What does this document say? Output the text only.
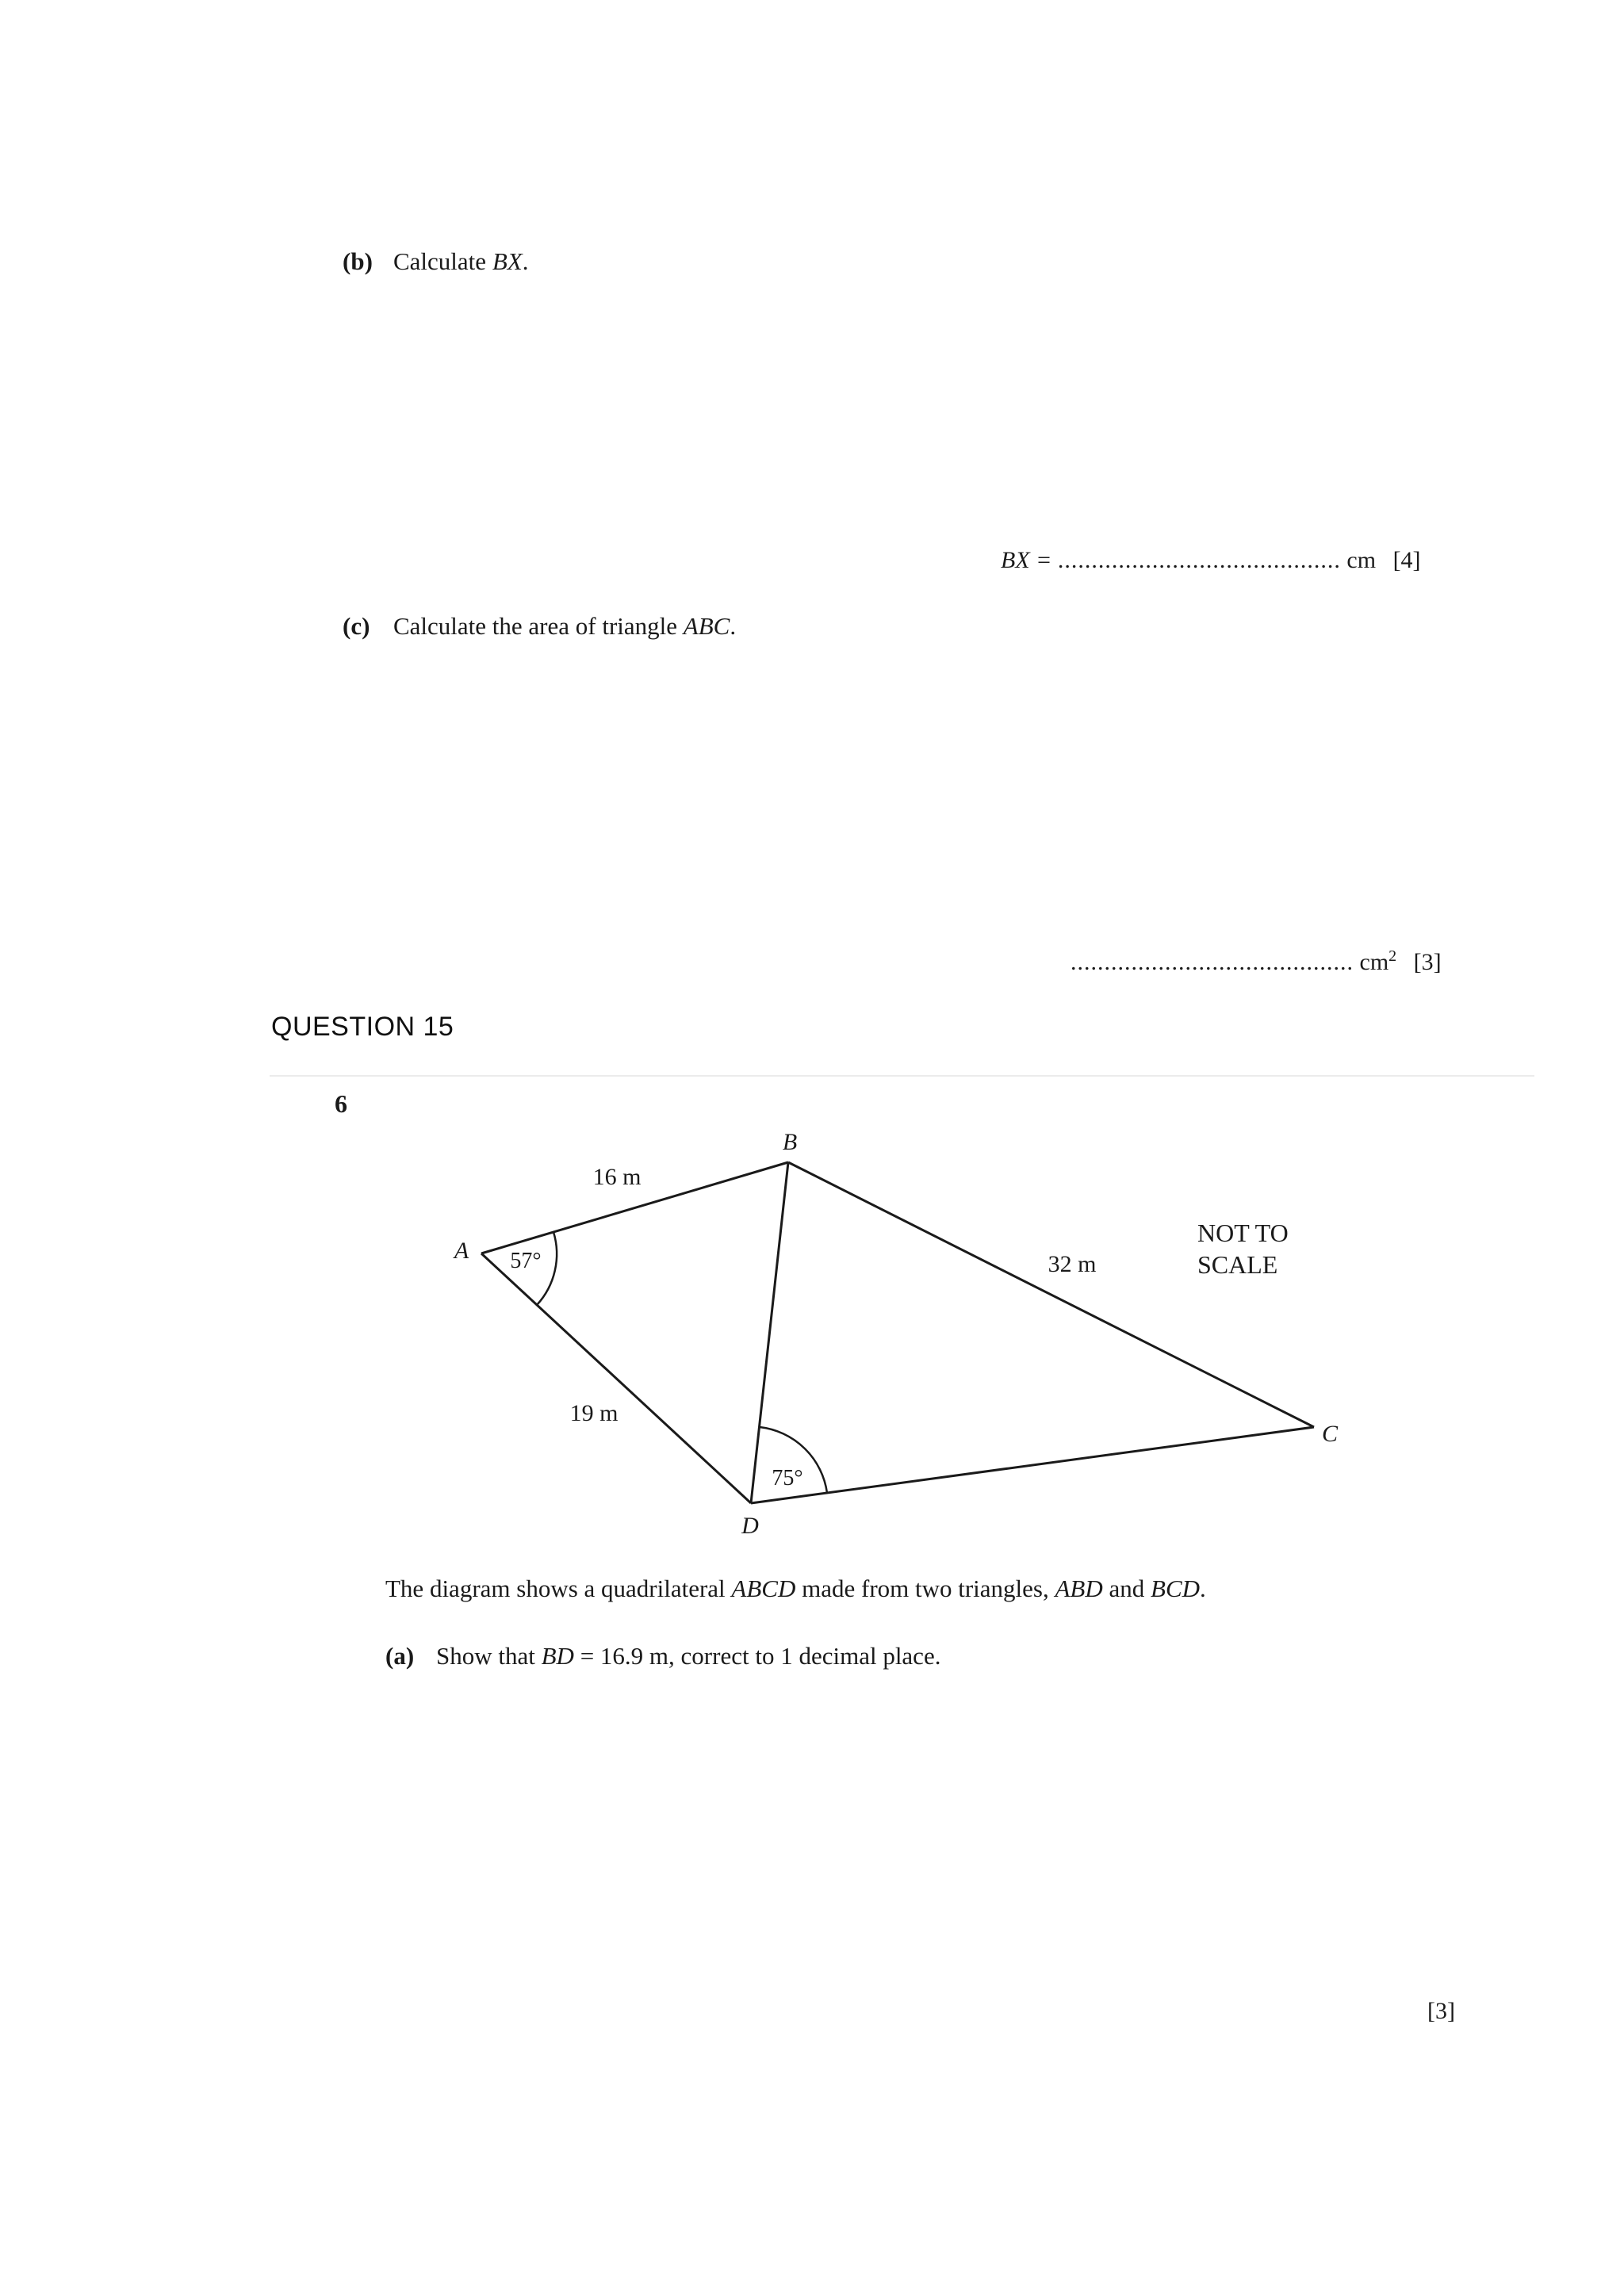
(b) Calculate BX.
BX = .......................................... cm [4]
(c) Calculate the area of triangle ABC.
.......................................... $cm^2$ [3]
QUESTION 15
6
B
A
C
D
16 m
19 m
32 m
57°
75°
NOT TO
SCALE
The diagram shows a quadrilateral ABCD made from two triangles, ABD and BCD.
(a) Show that BD = 16.9 m, correct to 1 decimal place.
[3]
